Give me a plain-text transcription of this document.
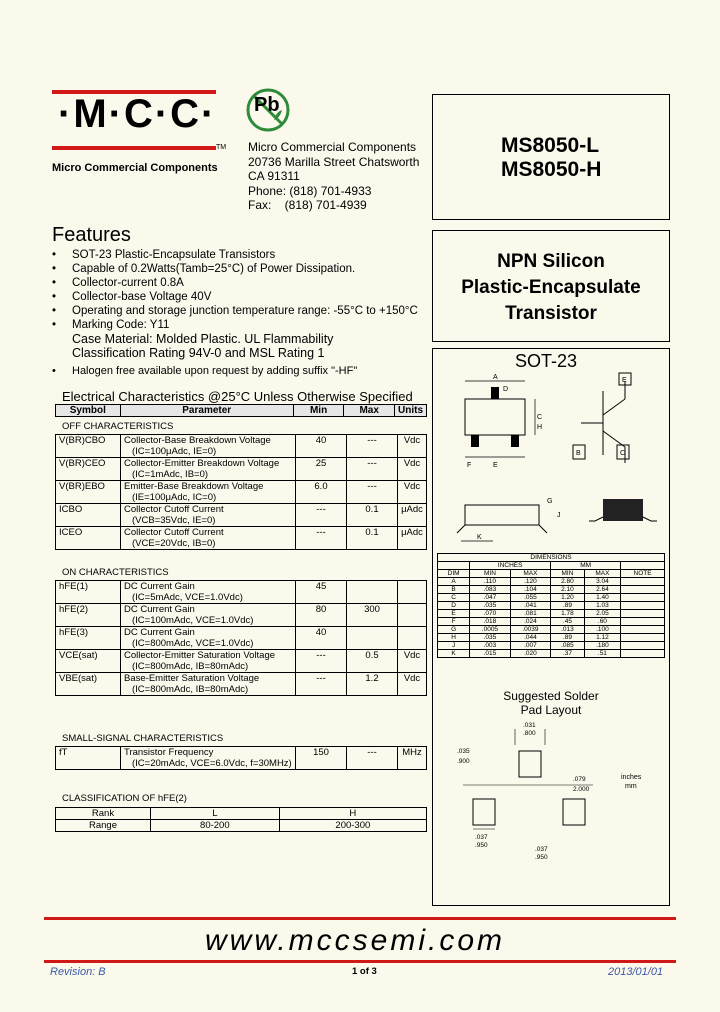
·M·C·C·
TM
Micro Commercial Components
Pb
Micro Commercial Components
20736 Marilla Street Chatsworth
CA 91311
Phone: (818) 701-4933
Fax:    (818) 701-4939
MS8050-L
MS8050-H
NPN Silicon
Plastic-Encapsulate
Transistor
SOT-23
A
C
D
H
F	E
B
E
C
J
K
G
DIMENSIONS					
	INCHES		MM		
DIM	MIN	MAX	MIN	MAX	NOTE
A	.110	.120	2.80	3.04	
B	.083	.104	2.10	2.64	
C	.047	.055	1.20	1.40	
D	.035	.041	.89	1.03	
E	.070	.081	1.78	2.05	
F	.018	.024	.45	.60	
G	.0005	.0039	.013	.100	
H	.035	.044	.89	1.12	
J	.003	.007	.085	.180	
K	.015	.020	.37	.51	
Suggested Solder
Pad Layout
.031
.800
.035
.900
.079
2.000
.037
.950
.037
.950
inches
mm
Features
• SOT-23 Plastic-Encapsulate Transistors
• Capable of 0.2Watts(Tamb=25°C) of Power Dissipation.
• Collector-current 0.8A
• Collector-base Voltage 40V
• Operating and storage junction temperature range: -55°C to +150°C
• Marking Code: Y11
Case Material: Molded Plastic. UL Flammability
Classification Rating 94V-0 and MSL Rating 1
• Halogen free available upon request by adding suffix "-HF"
Electrical Characteristics @25°C Unless Otherwise Specified
Symbol	Parameter	Min	Max	Units
OFF CHARACTERISTICS
V(BR)CBO	Collector-Base Breakdown Voltage
(IC=100μAdc, IE=0)	40	---	Vdc
V(BR)CEO	Collector-Emitter Breakdown Voltage
(IC=1mAdc, IB=0)	25	---	Vdc
V(BR)EBO	Emitter-Base Breakdown Voltage
(IE=100μAdc, IC=0)	6.0	---	Vdc
ICBO	Collector Cutoff Current
(VCB=35Vdc, IE=0)	---	0.1	μAdc
ICEO	Collector Cutoff Current
(VCE=20Vdc, IB=0)	---	0.1	μAdc
ON CHARACTERISTICS
hFE(1)	DC Current Gain
(IC=5mAdc, VCE=1.0Vdc)	45		
hFE(2)	DC Current Gain
(IC=100mAdc, VCE=1.0Vdc)	80	300	
hFE(3)	DC Current Gain
(IC=800mAdc, VCE=1.0Vdc)	40		
VCE(sat)	Collector-Emitter Saturation Voltage
(IC=800mAdc, IB=80mAdc)	---	0.5	Vdc
VBE(sat)	Base-Emitter Saturation Voltage
(IC=800mAdc, IB=80mAdc)	---	1.2	Vdc
SMALL-SIGNAL CHARACTERISTICS
fT	Transistor Frequency
(IC=20mAdc, VCE=6.0Vdc, f=30MHz)
	150	---	MHz
CLASSIFICATION OF hFE(2)
Rank	L	H
Range	80-200	200-300
www.mccsemi.com
Revision: B	1 of 3	2013/01/01
